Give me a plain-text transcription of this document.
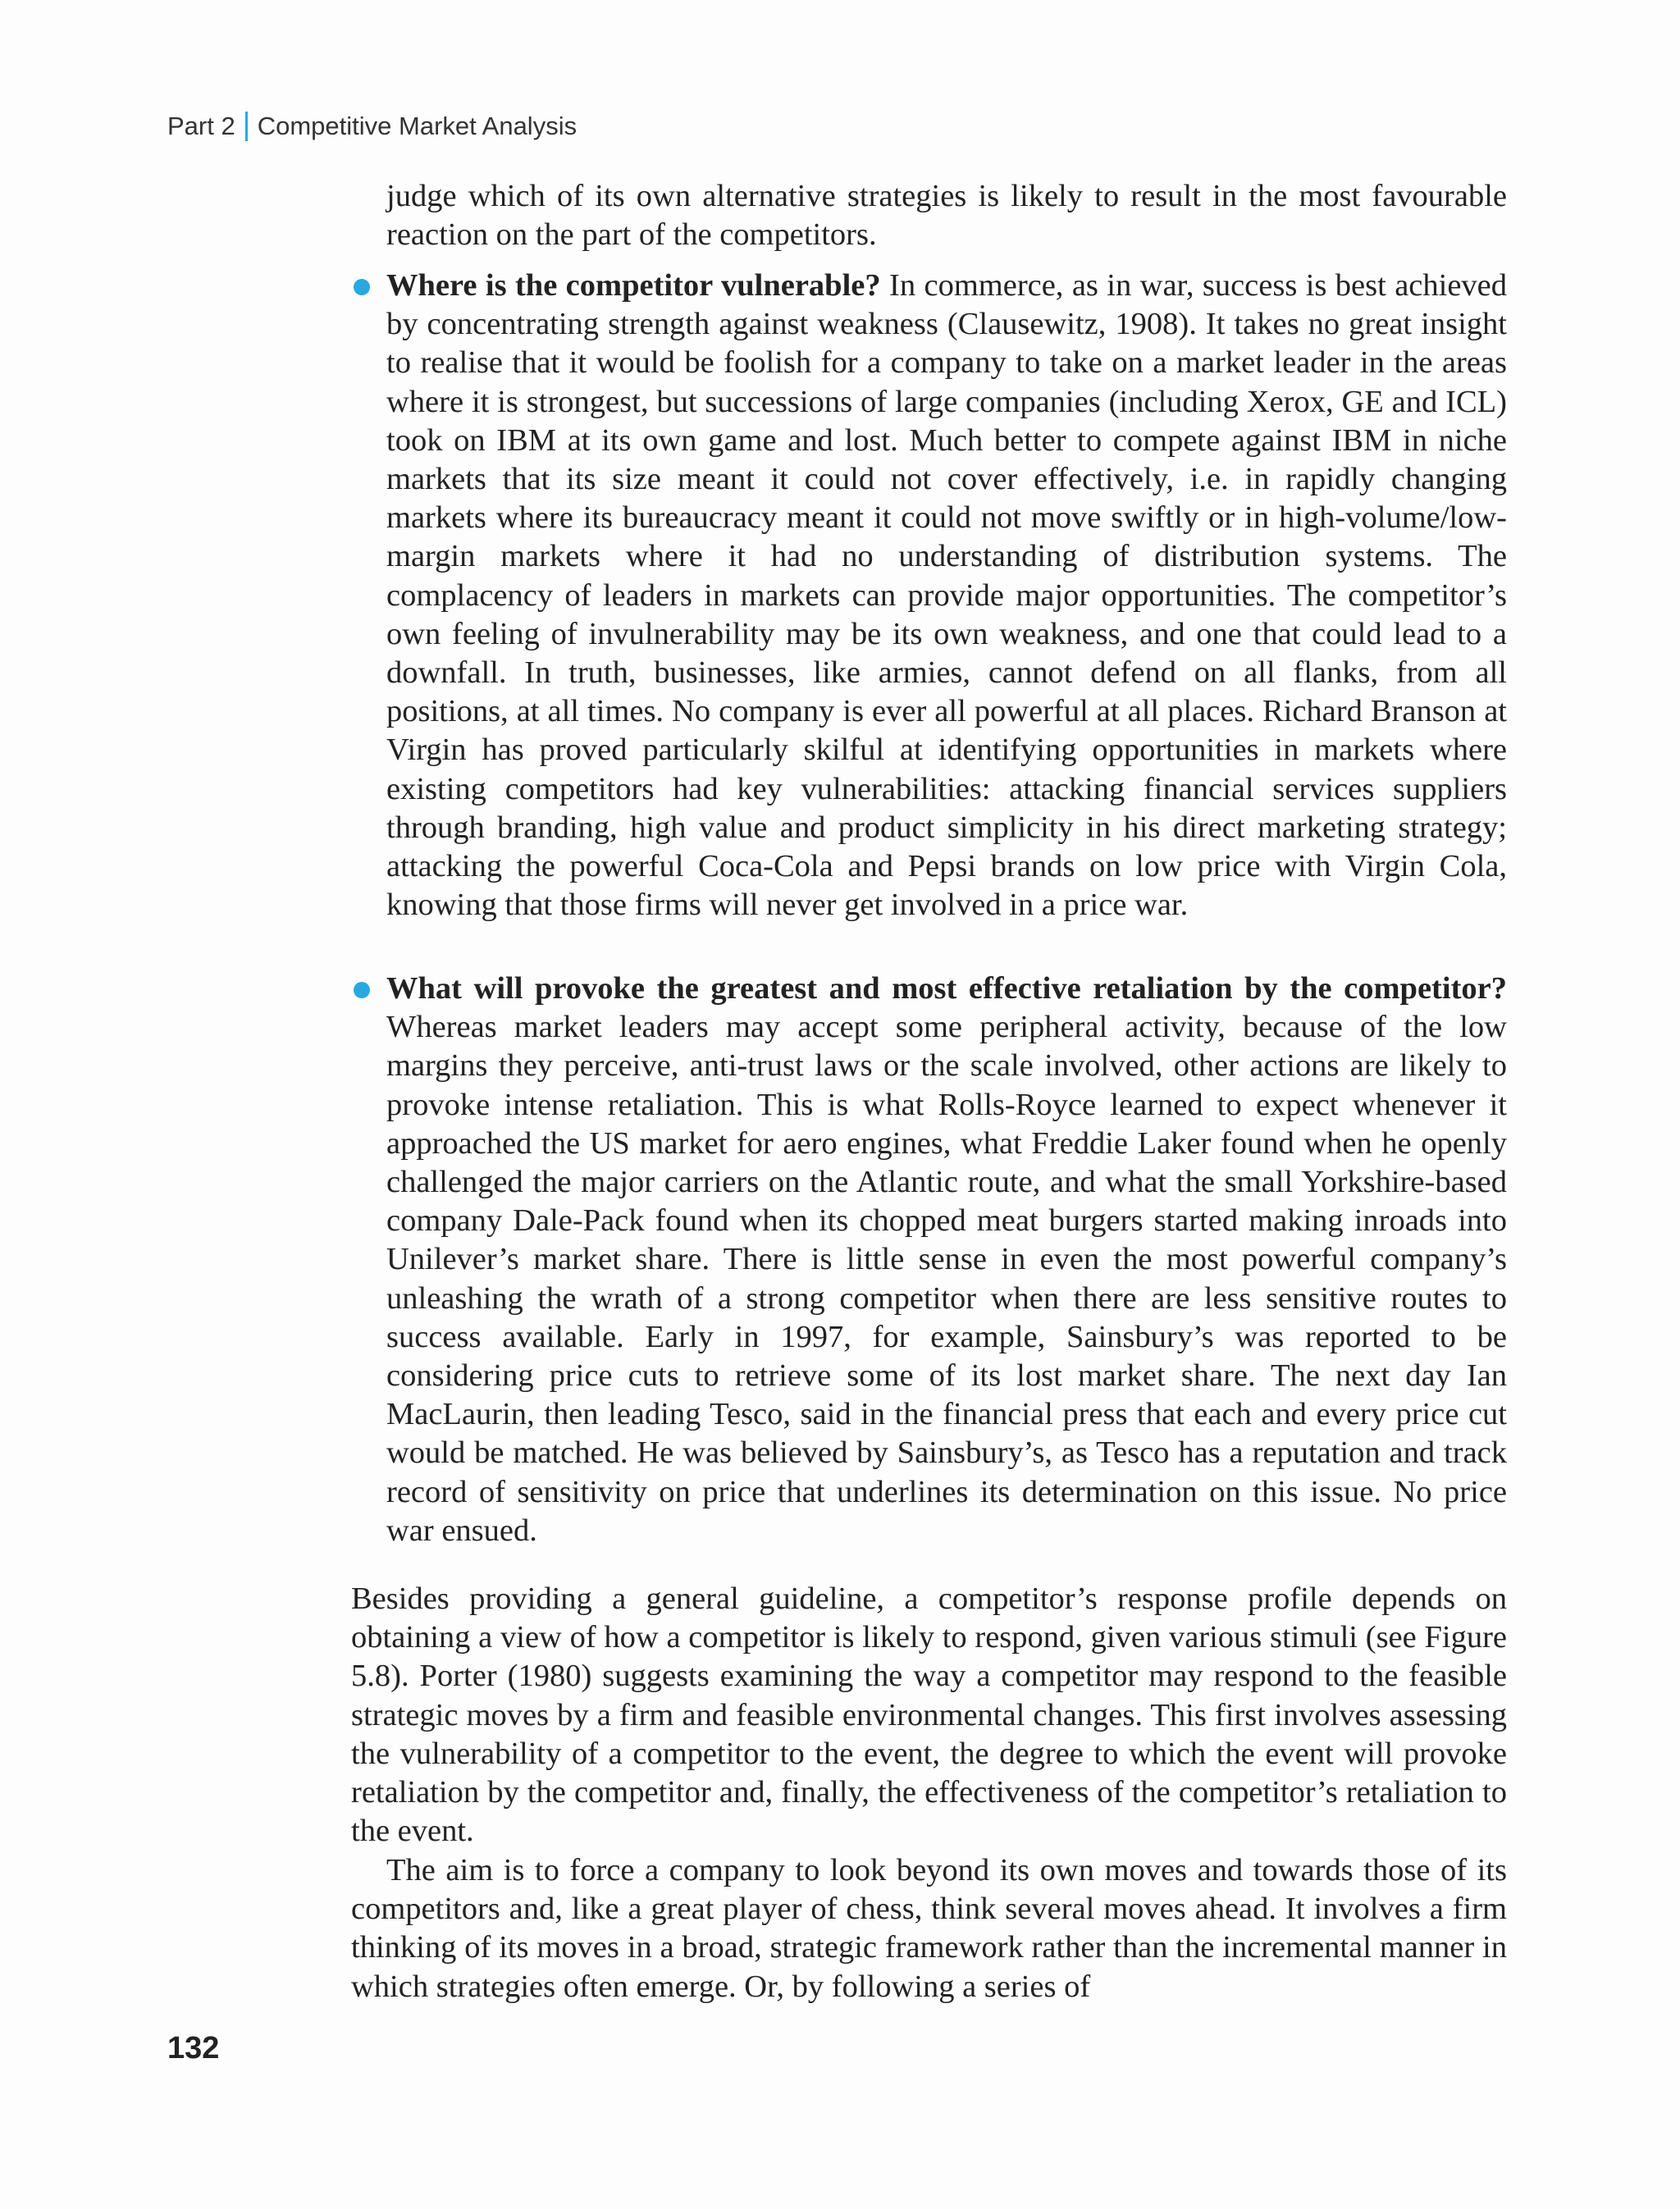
Part 2 Competitive Market Analysis
judge which of its own alternative strategies is likely to result in the most favourable reaction on the part of the competitors.
Where is the competitor vulnerable? In commerce, as in war, success is best achieved by concentrating strength against weakness (Clausewitz, 1908). It takes no great insight to realise that it would be foolish for a company to take on a market leader in the areas where it is strongest, but successions of large companies (including Xerox, GE and ICL) took on IBM at its own game and lost. Much better to compete against IBM in niche markets that its size meant it could not cover effectively, i.e. in rapidly changing markets where its bureaucracy meant it could not move swiftly or in high-volume/low-margin markets where it had no understanding of distribution systems. The complacency of leaders in markets can provide major opportunities. The competitor’s own feeling of invulnerability may be its own weakness, and one that could lead to a downfall. In truth, businesses, like armies, cannot defend on all flanks, from all positions, at all times. No company is ever all powerful at all places. Richard Branson at Virgin has proved particularly skilful at identifying opportunities in markets where existing competitors had key vulnerabilities: attacking financial services suppliers through branding, high value and product simplicity in his direct marketing strategy; attacking the powerful Coca-Cola and Pepsi brands on low price with Virgin Cola, knowing that those firms will never get involved in a price war.
What will provoke the greatest and most effective retaliation by the competitor? Whereas market leaders may accept some peripheral activity, because of the low margins they perceive, anti-trust laws or the scale involved, other actions are likely to provoke intense retaliation. This is what Rolls-Royce learned to expect whenever it approached the US market for aero engines, what Freddie Laker found when he openly challenged the major carriers on the Atlantic route, and what the small Yorkshire-based company Dale-Pack found when its chopped meat burgers started making inroads into Unilever’s market share. There is little sense in even the most powerful company’s unleashing the wrath of a strong competitor when there are less sensitive routes to success available. Early in 1997, for example, Sainsbury’s was reported to be considering price cuts to retrieve some of its lost market share. The next day Ian MacLaurin, then leading Tesco, said in the financial press that each and every price cut would be matched. He was believed by Sainsbury’s, as Tesco has a reputation and track record of sensitivity on price that underlines its determination on this issue. No price war ensued.
Besides providing a general guideline, a competitor’s response profile depends on obtaining a view of how a competitor is likely to respond, given various stimuli (see Figure 5.8). Porter (1980) suggests examining the way a competitor may respond to the feasible strategic moves by a firm and feasible environmental changes. This first involves assessing the vulnerability of a competitor to the event, the degree to which the event will provoke retaliation by the competitor and, finally, the effectiveness of the competitor’s retaliation to the event.
The aim is to force a company to look beyond its own moves and towards those of its competitors and, like a great player of chess, think several moves ahead. It involves a firm thinking of its moves in a broad, strategic framework rather than the incremental manner in which strategies often emerge. Or, by following a series of
132
